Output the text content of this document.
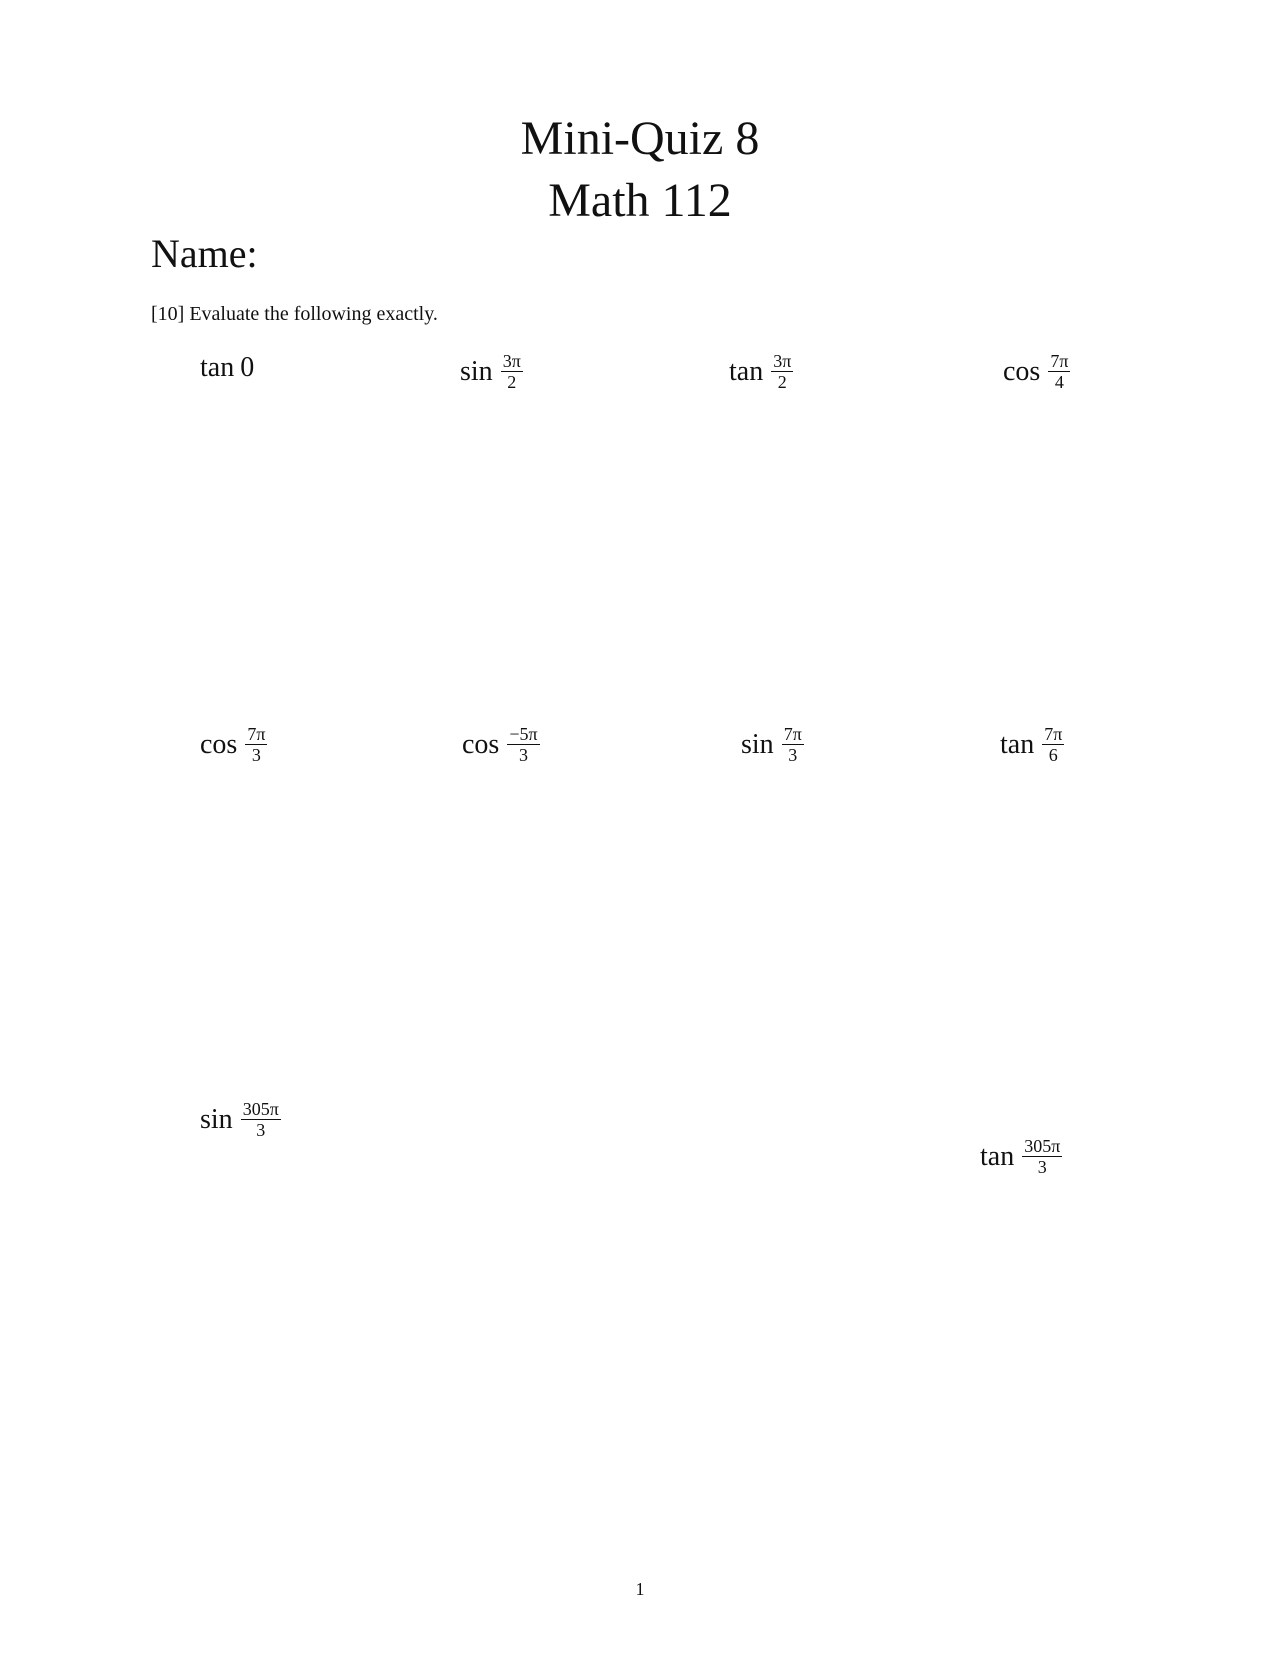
Mini-Quiz 8
Math 112
Name:
[10] Evaluate the following exactly.
tan 0	$\sin \frac{3\pi}{2}$	$\tan \frac{3\pi}{2}$	$\cos \frac{7\pi}{4}$
$\cos \frac{7\pi}{3}$	$\cos \frac{-5\pi}{3}$	$\sin \frac{7\pi}{3}$	$\tan \frac{7\pi}{6}$
$\sin \frac{305\pi}{3}$
$\tan \frac{305\pi}{3}$
1
